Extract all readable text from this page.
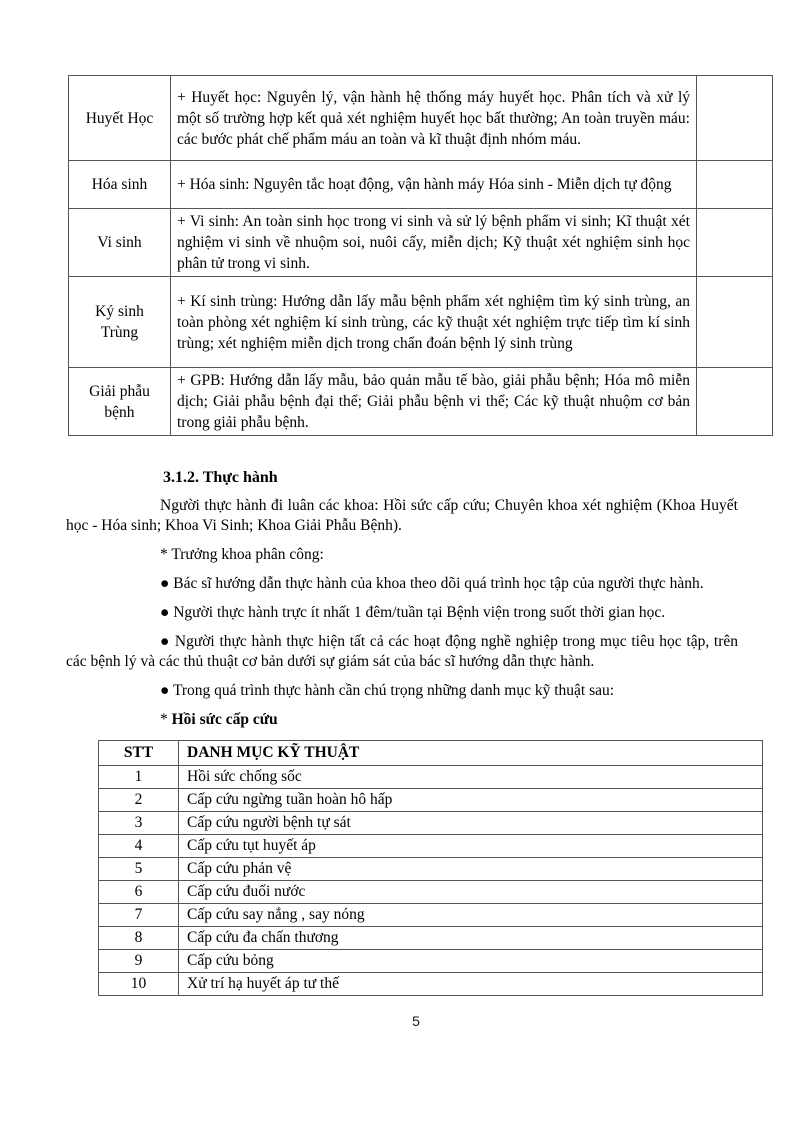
Huyết Học	+ Huyết học: Nguyên lý, vận hành hệ thống máy huyết học. Phân tích và xử lý một số trường hợp kết quả xét nghiệm huyết học bất thường; An toàn truyền máu: các bước phát chế phẩm máu an toàn và kĩ thuật định nhóm máu.	
Hóa sinh	+ Hóa sinh: Nguyên tắc hoạt động, vận hành máy Hóa sinh - Miễn dịch tự động	
Vi sinh	+ Vi sinh: An toàn sinh học trong vi sinh và sử lý bệnh phẩm vi sinh; Kĩ thuật xét nghiệm vi sinh về nhuộm soi, nuôi cấy, miễn dịch; Kỹ thuật xét nghiệm sinh học phân tử trong vi sinh.	
Ký sinh Trùng	+ Kí sinh trùng: Hướng dẫn lấy mẫu bệnh phẩm xét nghiệm tìm ký sinh trùng, an toàn phòng xét nghiệm kí sinh trùng, các kỹ thuật xét nghiệm trực tiếp tìm kí sinh trùng; xét nghiệm miễn dịch trong chẩn đoán bệnh lý sinh trùng	
Giải phẫu bệnh	+ GPB: Hướng dẫn lấy mẫu, bảo quản mẫu tế bào, giải phẫu bệnh; Hóa mô miễn dịch; Giải phẫu bệnh đại thể; Giải phẫu bệnh vi thể; Các kỹ thuật nhuộm cơ bản trong giải phẫu bệnh.	
3.1.2. Thực hành

Người thực hành đi luân các khoa: Hồi sức cấp cứu; Chuyên khoa xét nghiệm (Khoa Huyết học - Hóa sinh; Khoa Vi Sinh; Khoa Giải Phẫu Bệnh).

* Trưởng khoa phân công:

● Bác sĩ hướng dẫn thực hành của khoa theo dõi quá trình học tập của người thực hành.

● Người thực hành trực ít nhất 1 đêm/tuần tại Bệnh viện trong suốt thời gian học.

● Người thực hành thực hiện tất cả các hoạt động nghề nghiệp trong mục tiêu học tập, trên các bệnh lý và các thủ thuật cơ bản dưới sự giám sát của bác sĩ hướng dẫn thực hành.

● Trong quá trình thực hành cần chú trọng những danh mục kỹ thuật sau:

* Hồi sức cấp cứu

STT	DANH MỤC KỸ THUẬT
1	Hồi sức chống sốc
2	Cấp cứu ngừng tuần hoàn hô hấp
3	Cấp cứu người bệnh tự sát
4	Cấp cứu tụt huyết áp
5	Cấp cứu phản vệ
6	Cấp cứu đuối nước
7	Cấp cứu say nắng , say nóng
8	Cấp cứu đa chấn thương
9	Cấp cứu bỏng
10	Xử trí hạ huyết áp tư thế
5
